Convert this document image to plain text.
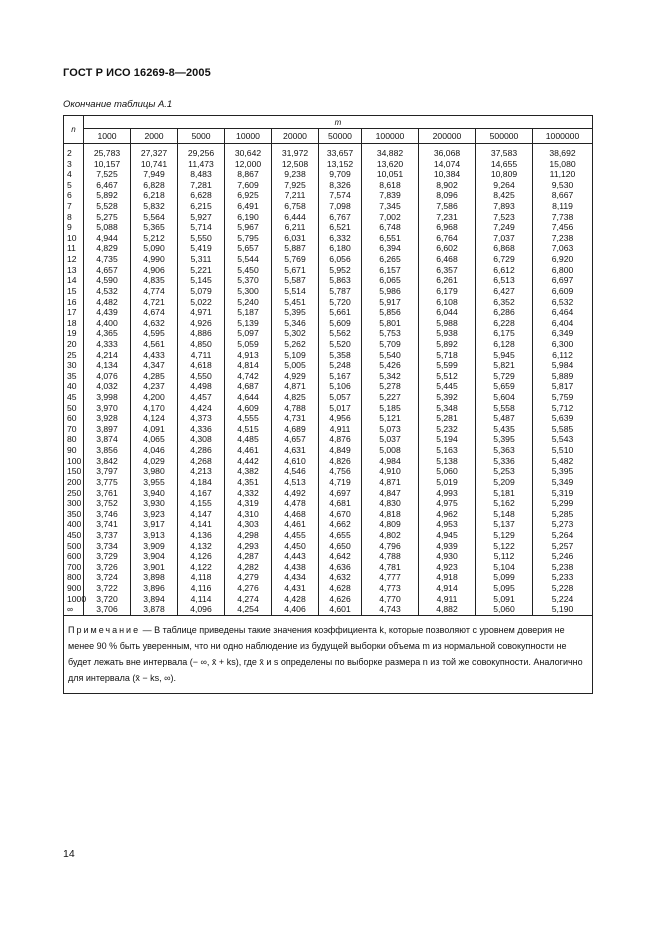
ГОСТ Р ИСО 16269-8—2005
Окончание таблицы А.1
n	m									
	1000	2000	5000	10000	20000	50000	100000	200000	500000	1000000
2	25,783	27,327	29,256	30,642	31,972	33,657	34,882	36,068	37,583	38,692
3	10,157	10,741	11,473	12,000	12,508	13,152	13,620	14,074	14,655	15,080
4	7,525	7,949	8,483	8,867	9,238	9,709	10,051	10,384	10,809	11,120
5	6,467	6,828	7,281	7,609	7,925	8,326	8,618	8,902	9,264	9,530
6	5,892	6,218	6,628	6,925	7,211	7,574	7,839	8,096	8,425	8,667
7	5,528	5,832	6,215	6,491	6,758	7,098	7,345	7,586	7,893	8,119
8	5,275	5,564	5,927	6,190	6,444	6,767	7,002	7,231	7,523	7,738
9	5,088	5,365	5,714	5,967	6,211	6,521	6,748	6,968	7,249	7,456
10	4,944	5,212	5,550	5,795	6,031	6,332	6,551	6,764	7,037	7,238
11	4,829	5,090	5,419	5,657	5,887	6,180	6,394	6,602	6,868	7,063
12	4,735	4,990	5,311	5,544	5,769	6,056	6,265	6,468	6,729	6,920
13	4,657	4,906	5,221	5,450	5,671	5,952	6,157	6,357	6,612	6,800
14	4,590	4,835	5,145	5,370	5,587	5,863	6,065	6,261	6,513	6,697
15	4,532	4,774	5,079	5,300	5,514	5,787	5,986	6,179	6,427	6,609
16	4,482	4,721	5,022	5,240	5,451	5,720	5,917	6,108	6,352	6,532
17	4,439	4,674	4,971	5,187	5,395	5,661	5,856	6,044	6,286	6,464
18	4,400	4,632	4,926	5,139	5,346	5,609	5,801	5,988	6,228	6,404
19	4,365	4,595	4,886	5,097	5,302	5,562	5,753	5,938	6,175	6,349
20	4,333	4,561	4,850	5,059	5,262	5,520	5,709	5,892	6,128	6,300
25	4,214	4,433	4,711	4,913	5,109	5,358	5,540	5,718	5,945	6,112
30	4,134	4,347	4,618	4,814	5,005	5,248	5,426	5,599	5,821	5,984
35	4,076	4,285	4,550	4,742	4,929	5,167	5,342	5,512	5,729	5,889
40	4,032	4,237	4,498	4,687	4,871	5,106	5,278	5,445	5,659	5,817
45	3,998	4,200	4,457	4,644	4,825	5,057	5,227	5,392	5,604	5,759
50	3,970	4,170	4,424	4,609	4,788	5,017	5,185	5,348	5,558	5,712
60	3,928	4,124	4,373	4,555	4,731	4,956	5,121	5,281	5,487	5,639
70	3,897	4,091	4,336	4,515	4,689	4,911	5,073	5,232	5,435	5,585
80	3,874	4,065	4,308	4,485	4,657	4,876	5,037	5,194	5,395	5,543
90	3,856	4,046	4,286	4,461	4,631	4,849	5,008	5,163	5,363	5,510
100	3,842	4,029	4,268	4,442	4,610	4,826	4,984	5,138	5,336	5,482
150	3,797	3,980	4,213	4,382	4,546	4,756	4,910	5,060	5,253	5,395
200	3,775	3,955	4,184	4,351	4,513	4,719	4,871	5,019	5,209	5,349
250	3,761	3,940	4,167	4,332	4,492	4,697	4,847	4,993	5,181	5,319
300	3,752	3,930	4,155	4,319	4,478	4,681	4,830	4,975	5,162	5,299
350	3,746	3,923	4,147	4,310	4,468	4,670	4,818	4,962	5,148	5,285
400	3,741	3,917	4,141	4,303	4,461	4,662	4,809	4,953	5,137	5,273
450	3,737	3,913	4,136	4,298	4,455	4,655	4,802	4,945	5,129	5,264
500	3,734	3,909	4,132	4,293	4,450	4,650	4,796	4,939	5,122	5,257
600	3,729	3,904	4,126	4,287	4,443	4,642	4,788	4,930	5,112	5,246
700	3,726	3,901	4,122	4,282	4,438	4,636	4,781	4,923	5,104	5,238
800	3,724	3,898	4,118	4,279	4,434	4,632	4,777	4,918	5,099	5,233
900	3,722	3,896	4,116	4,276	4,431	4,628	4,773	4,914	5,095	5,228
1000	3,720	3,894	4,114	4,274	4,428	4,626	4,770	4,911	5,091	5,224
∞	3,706	3,878	4,096	4,254	4,406	4,601	4,743	4,882	5,060	5,190
Примечание — В таблице приведены такие значения коэффициента k, которые позволяют с уровнем доверия не менее 90 % быть уверенным, что ни одно наблюдение из будущей выборки объема m из нормальной совокупности не будет лежать вне интервала (− ∞, x̄ + ks), где x̄ и s определены по выборке размера n из той же совокупности. Аналогично для интервала (x̄ − ks, ∞).										
14
